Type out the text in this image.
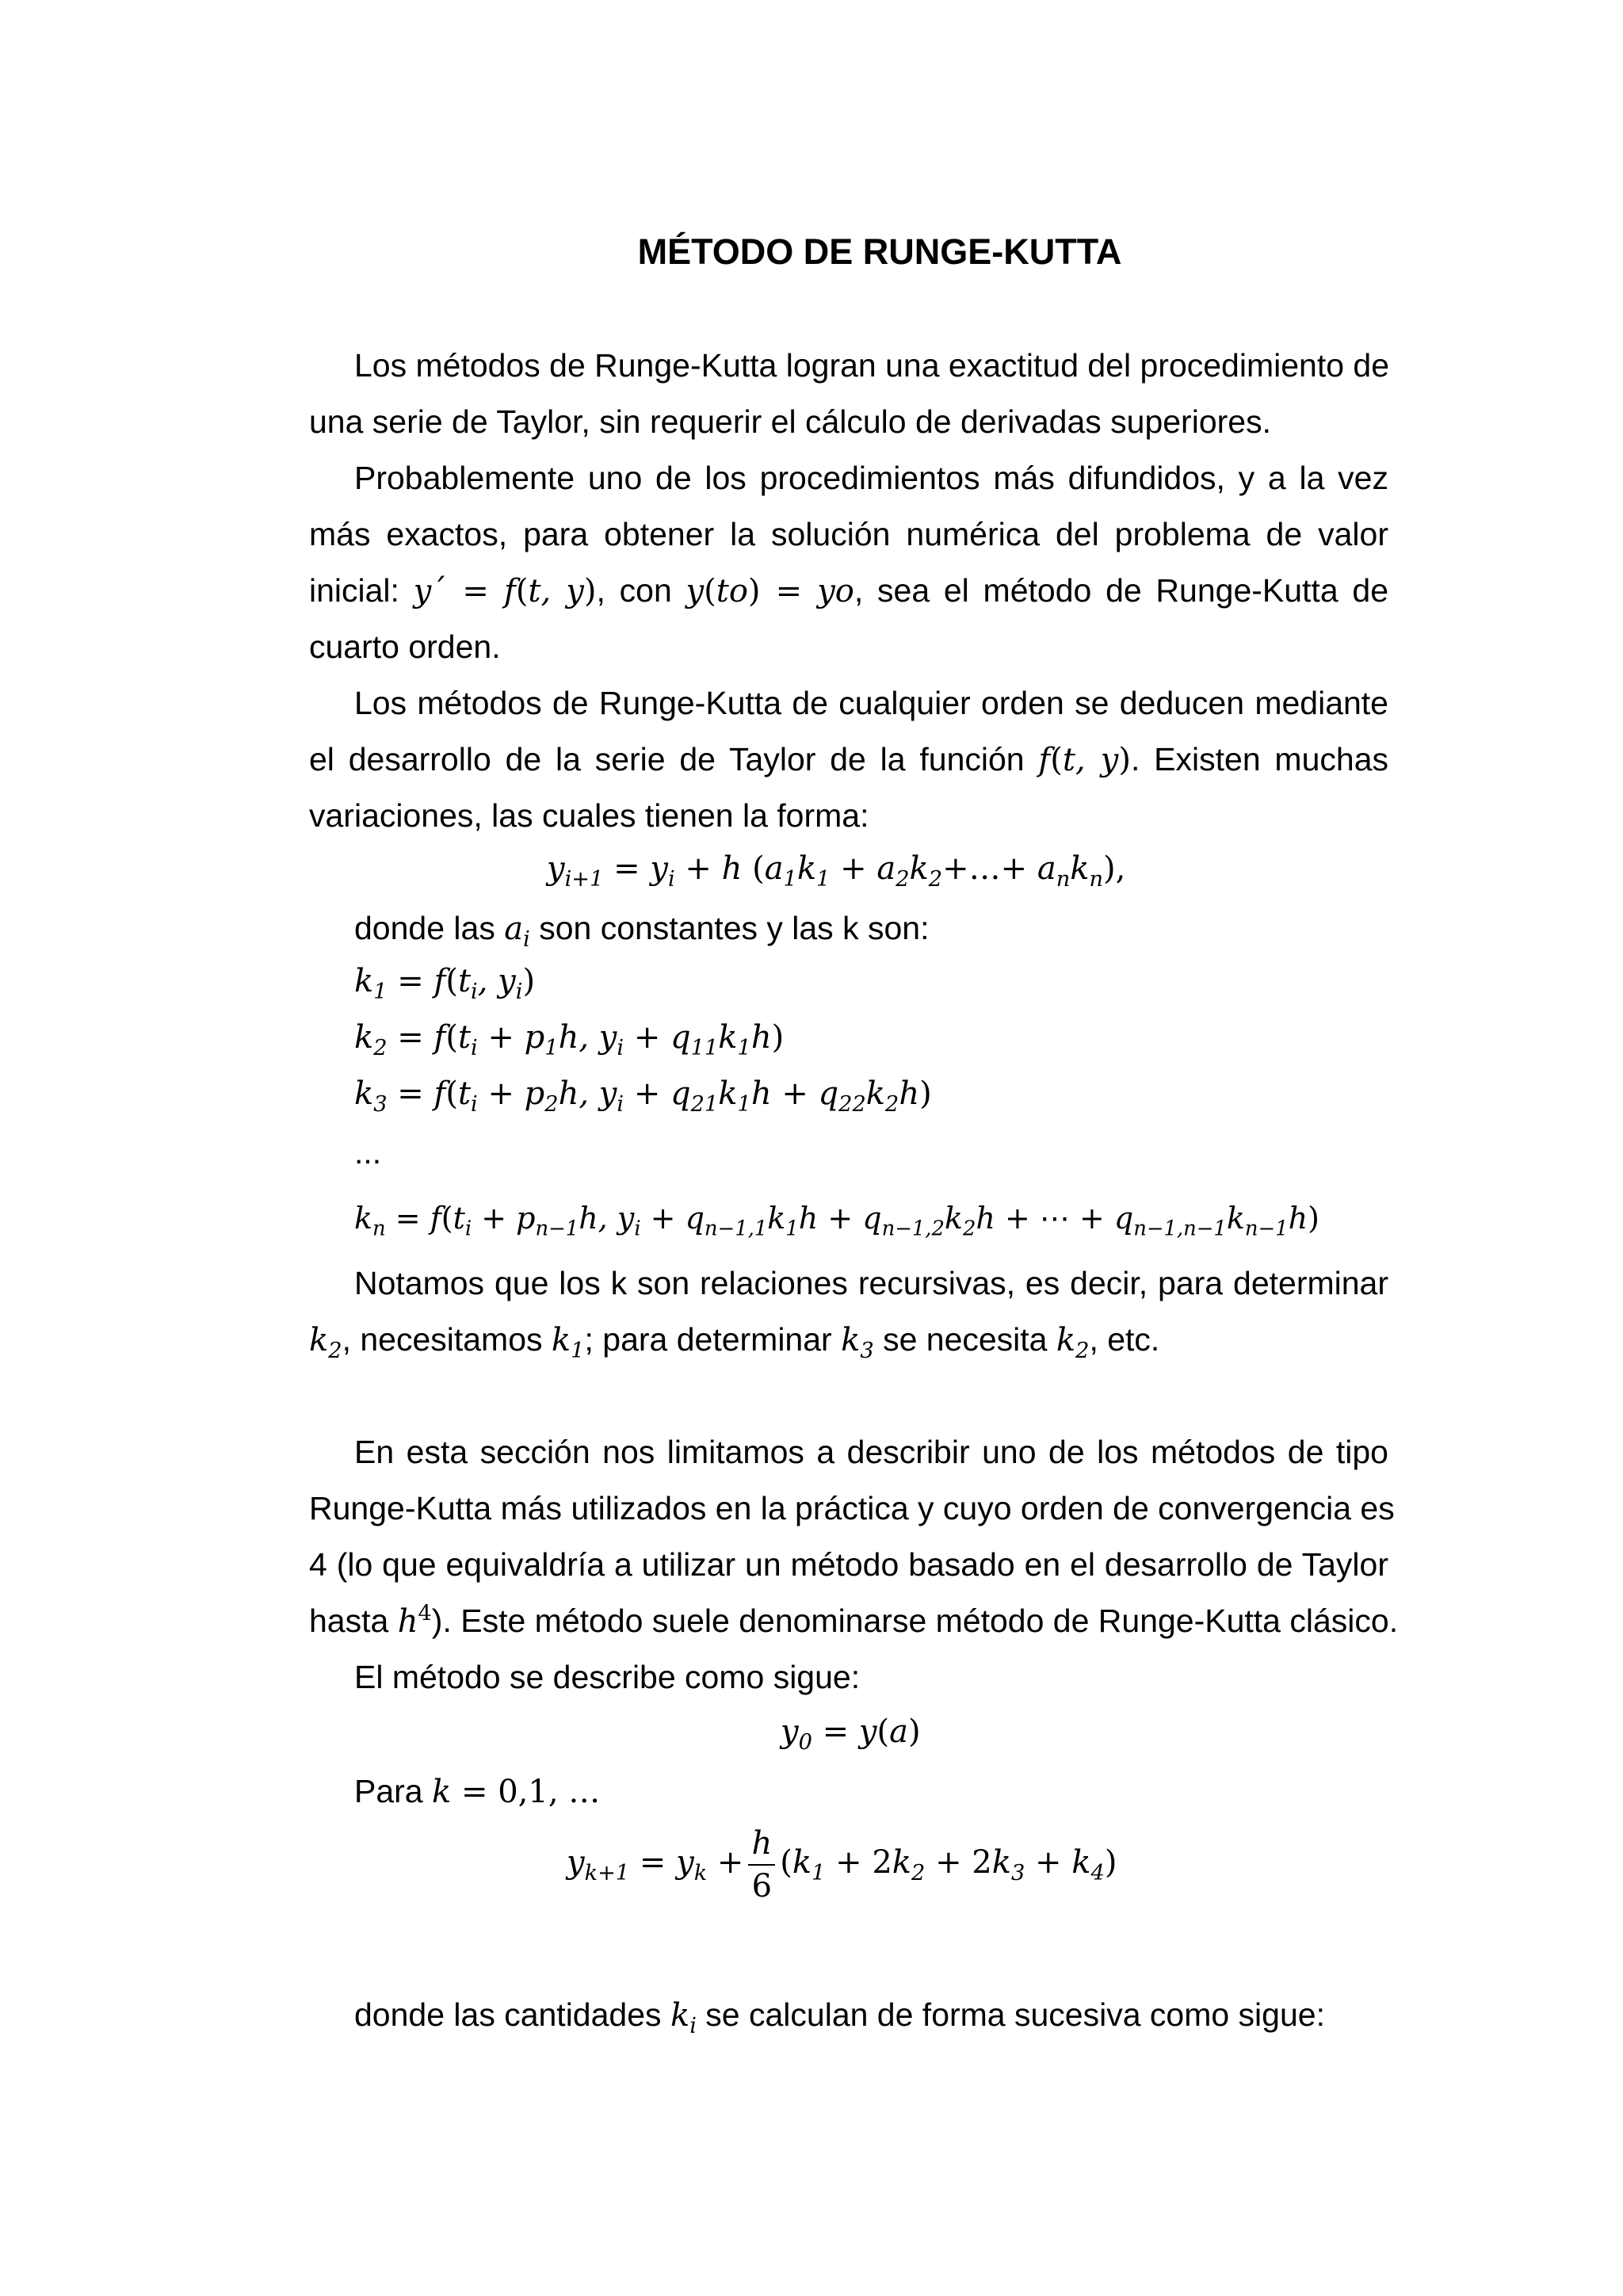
MÉTODO DE RUNGE-KUTTA
Los métodos de Runge-Kutta logran una exactitud del procedimiento de
una serie de Taylor, sin requerir el cálculo de derivadas superiores.
Probablemente uno de los procedimientos más difundidos, y a la vez
más exactos, para obtener la solución numérica del problema de valor
inicial: y´ = f(t, y), con y(to) = yo, sea el método de Runge-Kutta de
cuarto orden.
Los métodos de Runge-Kutta de cualquier orden se deducen mediante
el desarrollo de la serie de Taylor de la función f(t, y). Existen muchas
variaciones, las cuales tienen la forma:
$y_{i+1} = y_i + h$ ($a_1k_1$ + $a_2k_2+\dots+ a_nk_n$),
donde las $a_i$ son constantes y las k son:
$k_1 = f(t_i$, $y_i$)
$k_2 = f(t_i + p_1h$, $y_i + q_{11}k_1h$)
$k_3 = f(t_i + p_2h$, $y_i + q_{21}k_1h + q_{22}k_2h$)
...
$k_n = f(t_i + p_{n-1}h$, $y_i + q_{n-1,1}k_1h + q_{n-1,2}k_2h$ + ⋯ + $q_{n-1,n-1}k_{n-1}h$)
Notamos que los k son relaciones recursivas, es decir, para determinar
$k_2$, necesitamos $k_1$; para determinar $k_3$ se necesita $k_2$, etc.
En esta sección nos limitamos a describir uno de los métodos de tipo
Runge-Kutta más utilizados en la práctica y cuyo orden de convergencia es
4 (lo que equivaldría a utilizar un método basado en el desarrollo de Taylor
hasta $h^4$). Este método suele denominarse método de Runge-Kutta clásico.
El método se describe como sigue:
$y_0 = y(a)$
Para k = 0,1, …
$y_{k+1} = y_k + \frac{h}{6} (k_1 + 2k_2 + 2k_3 + k_4)$
donde las cantidades $k_i$ se calculan de forma sucesiva como sigue:
